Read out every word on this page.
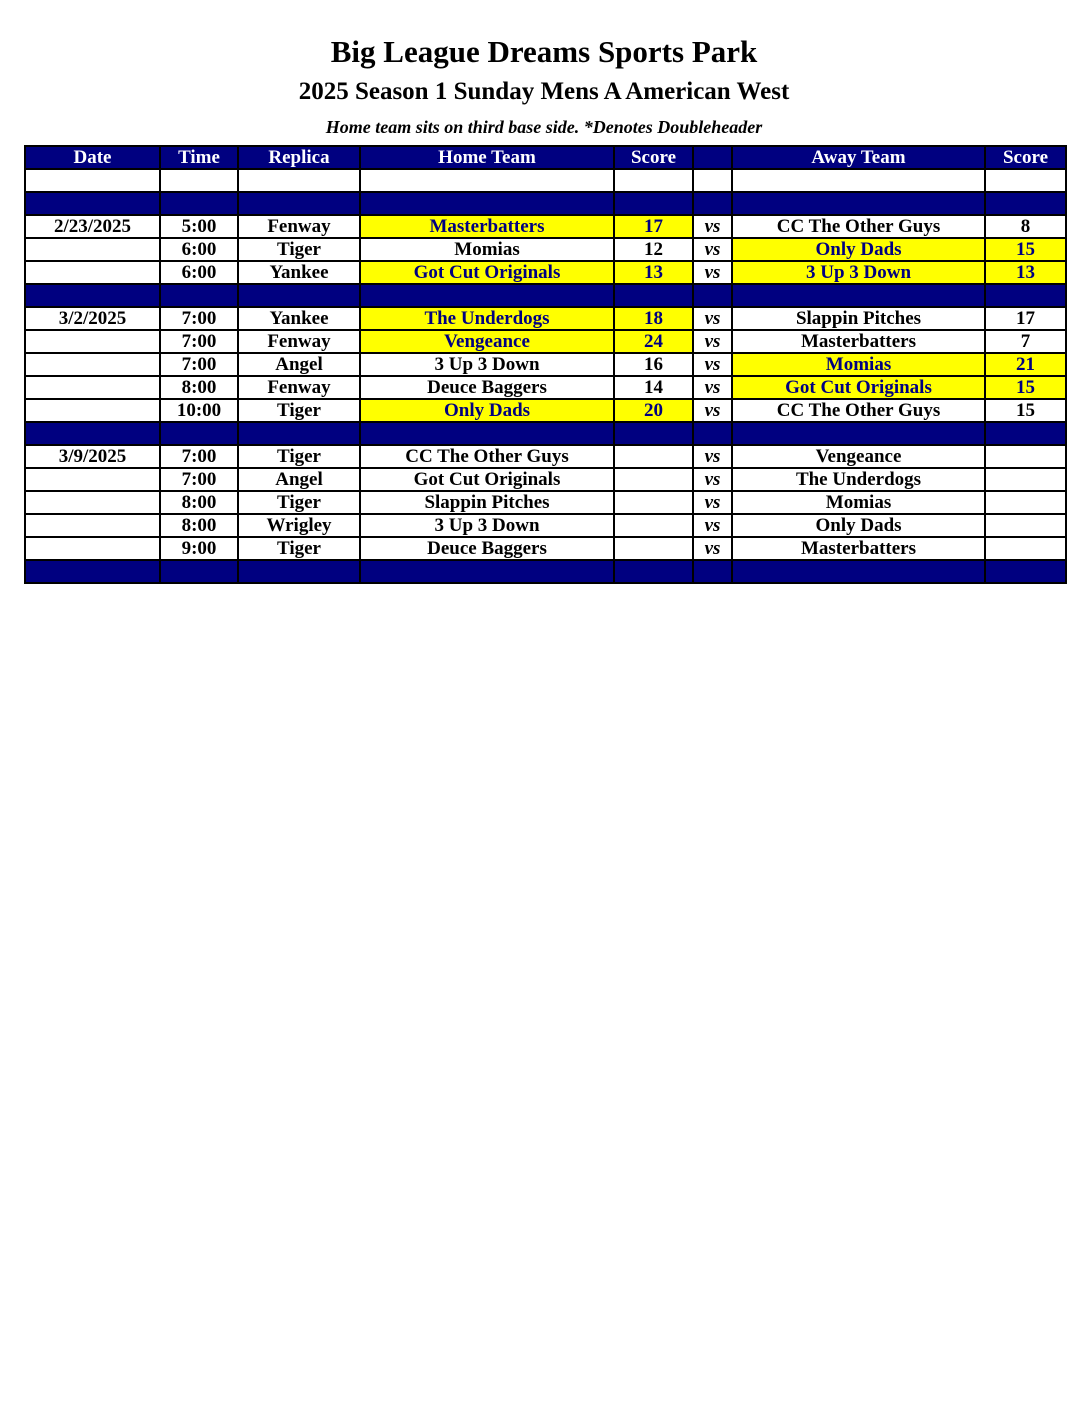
Big League Dreams Sports Park
2025 Season 1 Sunday Mens A American West
Home team sits on third base side. *Denotes Doubleheader
Date	Time	Replica	Home Team	Score		Away Team	Score

2/23/2025	5:00	Fenway	Masterbatters	17	vs	CC The Other Guys	8
	6:00	Tiger	Momias	12	vs	Only Dads	15
	6:00	Yankee	Got Cut Originals	13	vs	3 Up 3 Down	13

3/2/2025	7:00	Yankee	The Underdogs	18	vs	Slappin Pitches	17
	7:00	Fenway	Vengeance	24	vs	Masterbatters	7
	7:00	Angel	3 Up 3 Down	16	vs	Momias	21
	8:00	Fenway	Deuce Baggers	14	vs	Got Cut Originals	15
	10:00	Tiger	Only Dads	20	vs	CC The Other Guys	15

3/9/2025	7:00	Tiger	CC The Other Guys		vs	Vengeance	
	7:00	Angel	Got Cut Originals		vs	The Underdogs	
	8:00	Tiger	Slappin Pitches		vs	Momias	
	8:00	Wrigley	3 Up 3 Down		vs	Only Dads	
	9:00	Tiger	Deuce Baggers		vs	Masterbatters	
